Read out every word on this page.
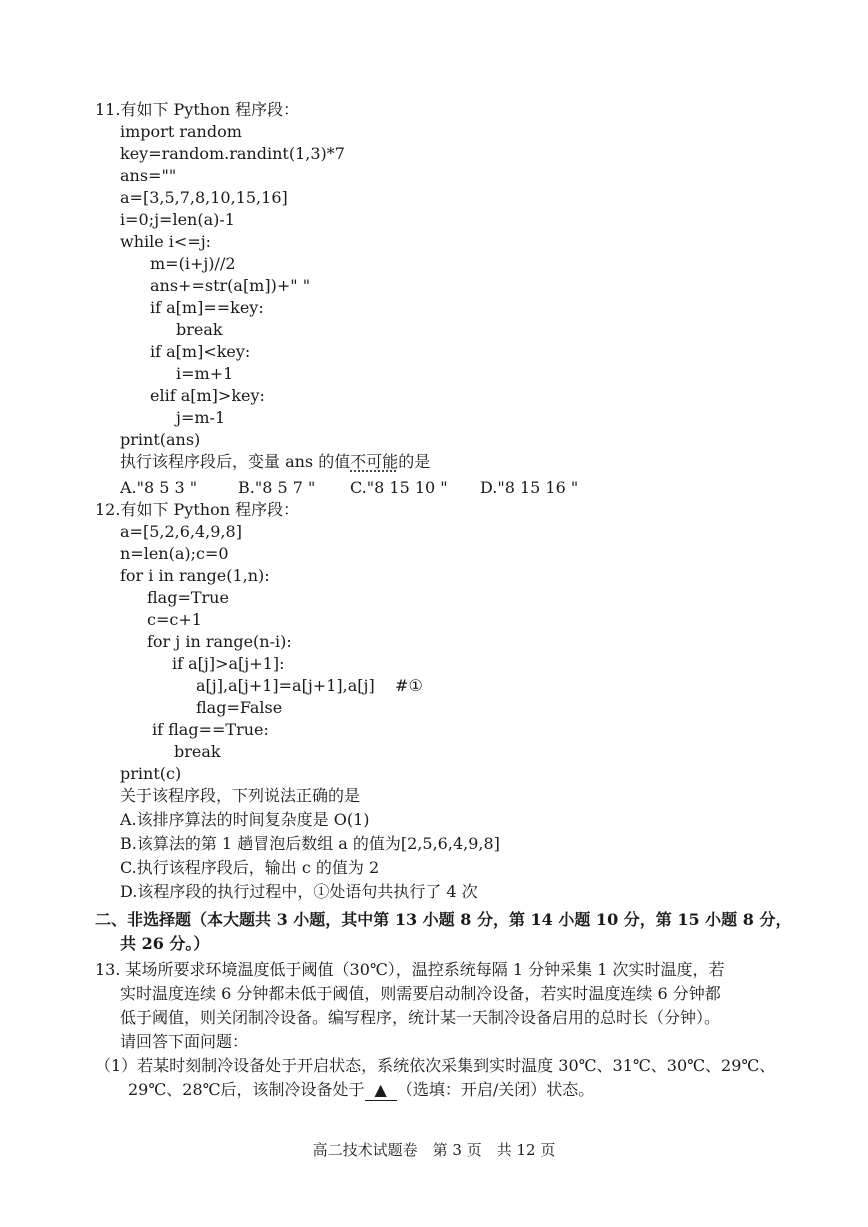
11.有如下 Python 程序段：
import random
key=random.randint(1,3)*7
ans=""
a=[3,5,7,8,10,15,16]
i=0;j=len(a)-1
while i<=j:
m=(i+j)//2
ans+=str(a[m])+" "
if a[m]==key:
break
if a[m]<key:
i=m+1
elif a[m]>key:
j=m-1
print(ans)
执行该程序段后，变量 ans 的值不可能的是
A."8 5 3 "	B."8 5 7 " C."8 15 10 " D."8 15 16 "
12.有如下 Python 程序段：
a=[5,2,6,4,9,8]
n=len(a);c=0
for i in range(1,n):
flag=True
c=c+1
for j in range(n-i):
if a[j]>a[j+1]:
a[j],a[j+1]=a[j+1],a[j]    #①
flag=False
if flag==True:
break
print(c)
关于该程序段，下列说法正确的是
A.该排序算法的时间复杂度是 O(1)
B.该算法的第 1 趟冒泡后数组 a 的值为[2,5,6,4,9,8]
C.执行该程序段后，输出 c 的值为 2
D.该程序段的执行过程中，①处语句共执行了 4 次
二、非选择题（本大题共 3 小题，其中第 13 小题 8 分，第 14 小题 10 分，第 15 小题 8 分，
共 26 分。）
13. 某场所要求环境温度低于阈值（30℃），温控系统每隔 1 分钟采集 1 次实时温度，若
实时温度连续 6 分钟都未低于阈值，则需要启动制冷设备，若实时温度连续 6 分钟都
低于阈值，则关闭制冷设备。编写程序，统计某一天制冷设备启用的总时长（分钟）。
请回答下面问题：
（1）若某时刻制冷设备处于开启状态，系统依次采集到实时温度 30℃、31℃、30℃、29℃、
29℃、28℃后，该制冷设备处于 ▲ （选填：开启/关闭）状态。
高二技术试题卷　第 3 页　共 12 页
